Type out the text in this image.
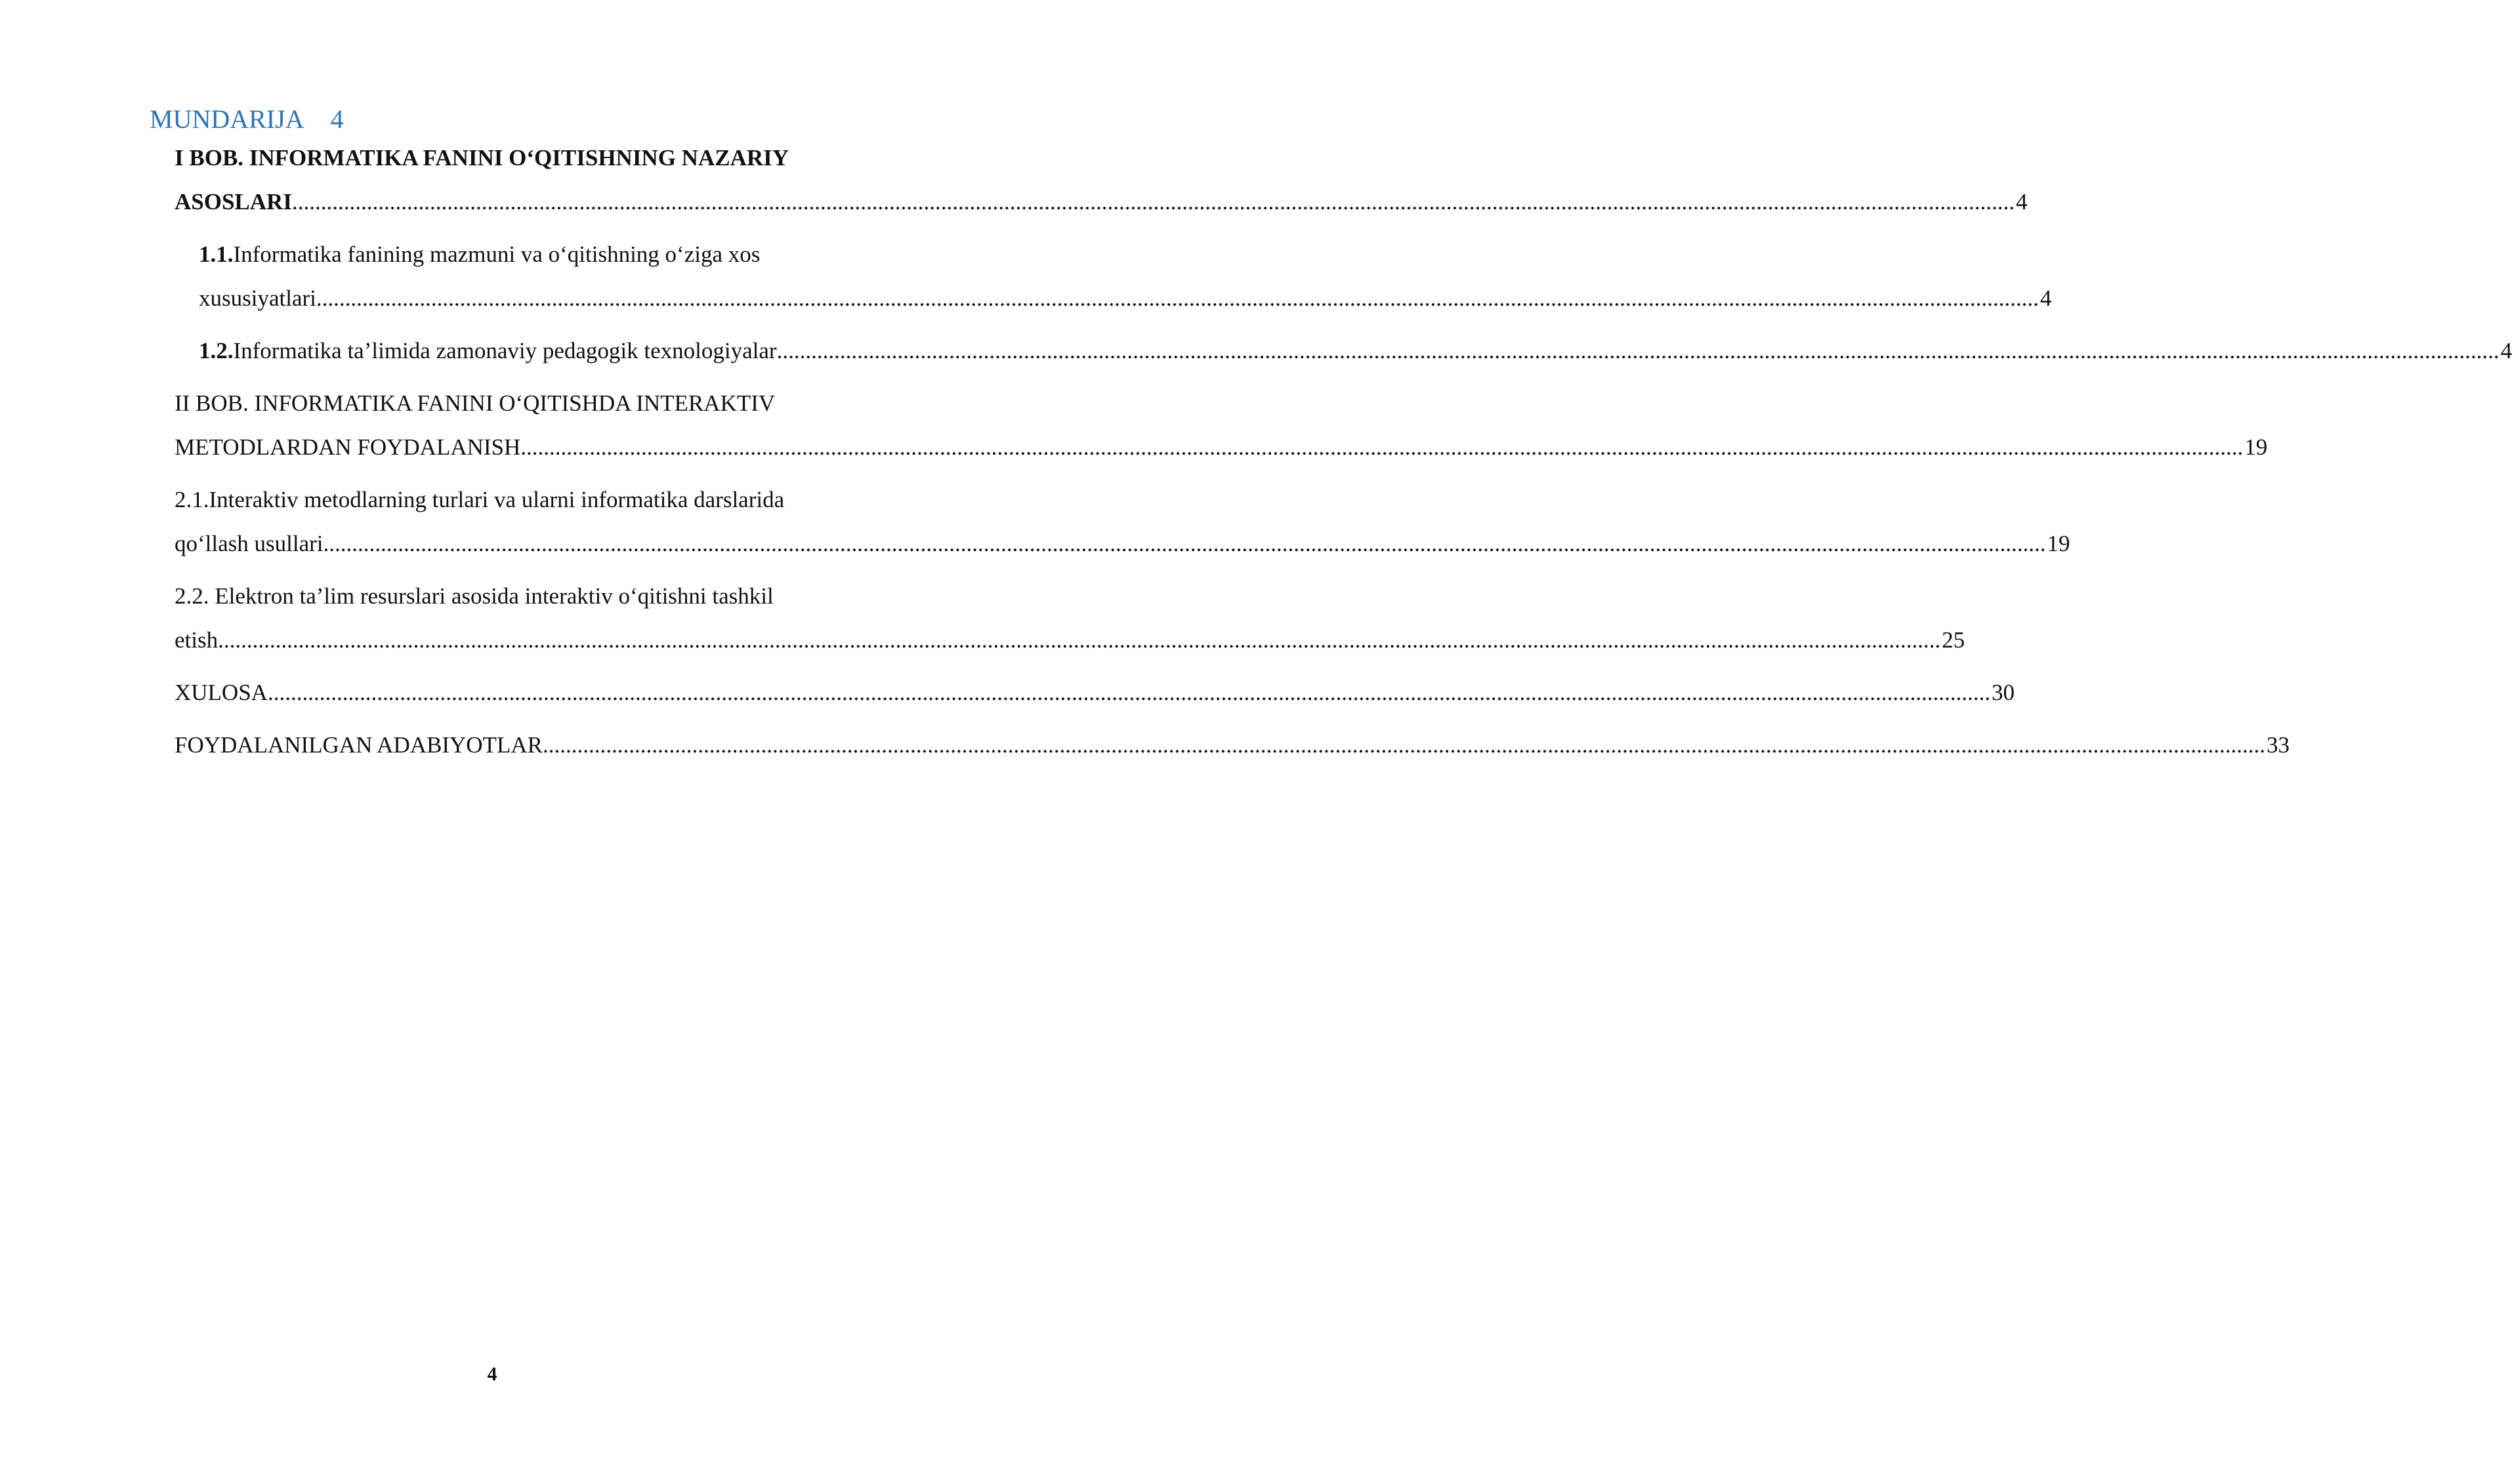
MUNDARIJA 4
I BOB. INFORMATIKA FANINI O‘QITISHNING NAZARIY
ASOSLARI ............................................................................................................................................................................................................................................................................................................ 4
1.1.Informatika fanining mazmuni va o‘qitishning o‘ziga xos
xususiyatlari ............................................................................................................................................................................................................................................................................................................ 4
1.2.Informatika ta’limida zamonaviy pedagogik texnologiyalar ............................................................................................................................................................................................................................................................................................................ 4
II BOB. INFORMATIKA FANINI O‘QITISHDA INTERAKTIV
METODLARDAN FOYDALANISH ............................................................................................................................................................................................................................................................................................................ 19
2.1.Interaktiv metodlarning turlari va ularni informatika darslarida
qo‘llash usullari ............................................................................................................................................................................................................................................................................................................ 19
2.2. Elektron ta’lim resurslari asosida interaktiv o‘qitishni tashkil
etish ............................................................................................................................................................................................................................................................................................................ 25
XULOSA ............................................................................................................................................................................................................................................................................................................ 30
FOYDALANILGAN ADABIYOTLAR ............................................................................................................................................................................................................................................................................................................ 33
4
